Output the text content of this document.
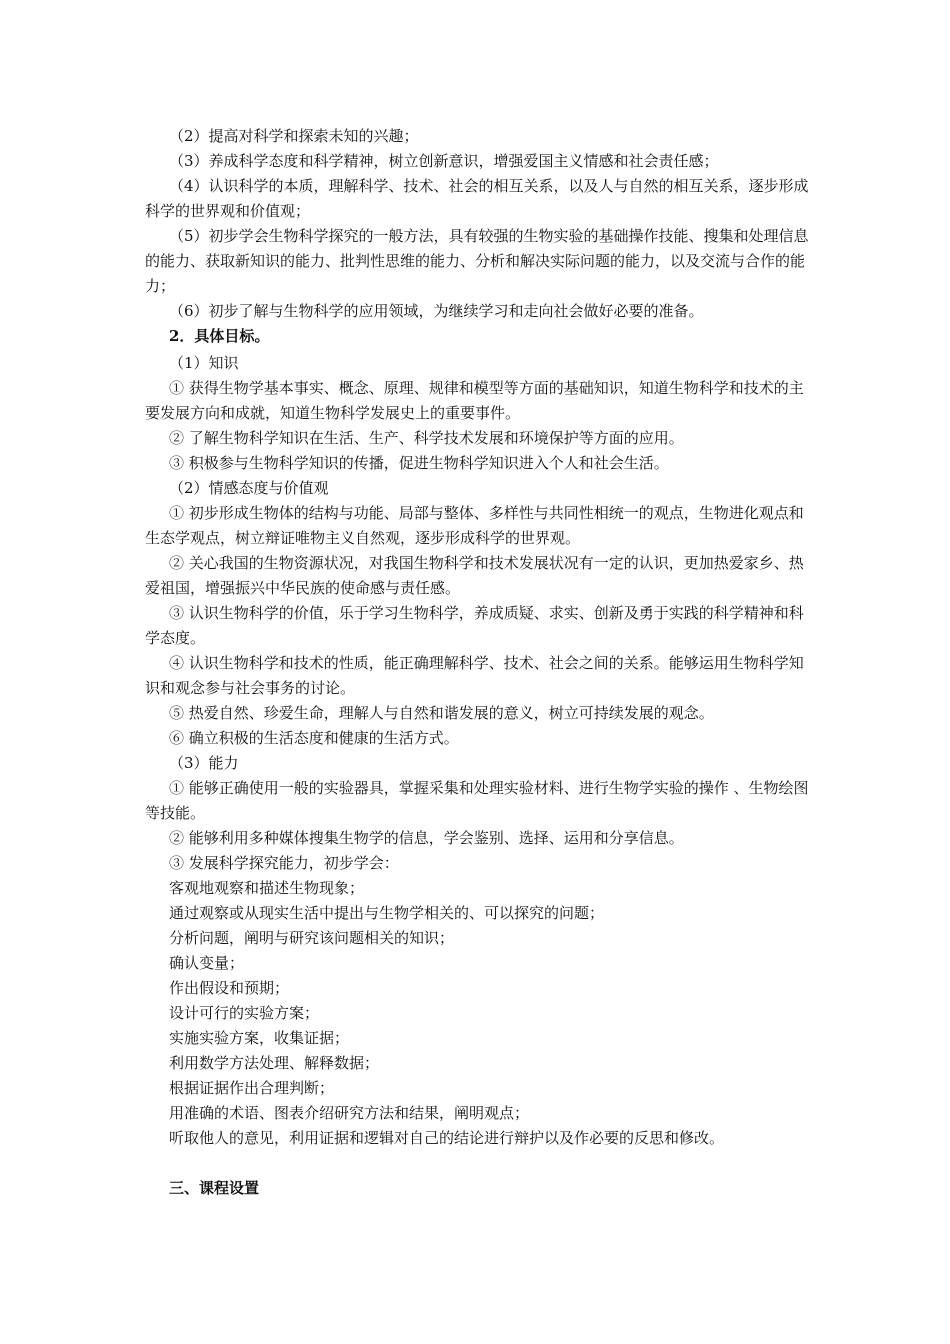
（2）提高对科学和探索未知的兴趣；

（3）养成科学态度和科学精神，树立创新意识，增强爱国主义情感和社会责任感；

（4）认识科学的本质，理解科学、技术、社会的相互关系，以及人与自然的相互关系，逐步形成科学的世界观和价值观；

（5）初步学会生物科学探究的一般方法，具有较强的生物实验的基础操作技能、搜集和处理信息的能力、获取新知识的能力、批判性思维的能力、分析和解决实际问题的能力，以及交流与合作的能力；

（6）初步了解与生物科学的应用领域，为继续学习和走向社会做好必要的准备。

2．具体目标。

（1）知识

① 获得生物学基本事实、概念、原理、规律和模型等方面的基础知识，知道生物科学和技术的主要发展方向和成就，知道生物科学发展史上的重要事件。

② 了解生物科学知识在生活、生产、科学技术发展和环境保护等方面的应用。

③ 积极参与生物科学知识的传播，促进生物科学知识进入个人和社会生活。

（2）情感态度与价值观

① 初步形成生物体的结构与功能、局部与整体、多样性与共同性相统一的观点，生物进化观点和生态学观点，树立辩证唯物主义自然观，逐步形成科学的世界观。

② 关心我国的生物资源状况，对我国生物科学和技术发展状况有一定的认识，更加热爱家乡、热爱祖国，增强振兴中华民族的使命感与责任感。

③ 认识生物科学的价值，乐于学习生物科学，养成质疑、求实、创新及勇于实践的科学精神和科学态度。

④ 认识生物科学和技术的性质，能正确理解科学、技术、社会之间的关系。能够运用生物科学知识和观念参与社会事务的讨论。

⑤ 热爱自然、珍爱生命，理解人与自然和谐发展的意义，树立可持续发展的观念。

⑥ 确立积极的生活态度和健康的生活方式。

（3）能力

① 能够正确使用一般的实验器具，掌握采集和处理实验材料、进行生物学实验的操作 、生物绘图等技能。

② 能够利用多种媒体搜集生物学的信息，学会鉴别、选择、运用和分享信息。

③ 发展科学探究能力，初步学会：

客观地观察和描述生物现象；

通过观察或从现实生活中提出与生物学相关的、可以探究的问题；

分析问题，阐明与研究该问题相关的知识；

确认变量；

作出假设和预期；

设计可行的实验方案；

实施实验方案，收集证据；

利用数学方法处理、解释数据；

根据证据作出合理判断；

用准确的术语、图表介绍研究方法和结果，阐明观点；

听取他人的意见，利用证据和逻辑对自己的结论进行辩护以及作必要的反思和修改。

三、课程设置
